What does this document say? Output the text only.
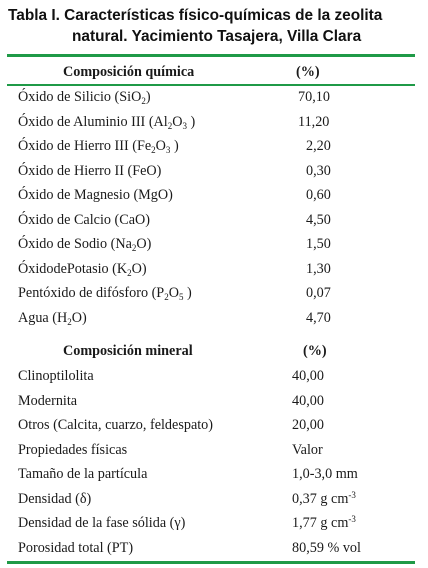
Tabla I. Características físico-químicas de la zeolita
natural. Yacimiento Tasajera, Villa Clara
Composición química	(%)
Óxido de Silicio (SiO$_2$)	70,10
Óxido de Aluminio III ($Al_2O_3$ )	11,20
Óxido de Hierro III ($Fe_2O_3$ )	2,20
Óxido de Hierro II (FeO)	0,30
Óxido de Magnesio (MgO)	0,60
Óxido de Calcio (CaO)	4,50
Óxido de Sodio $(Na_2O)$	1,50
ÓxidodePotasio $(K_2O)$	1,30
Pentóxido de difósforo ($P_2O_5$ )	0,07
Agua $(H_2O)$	4,70
Composición mineral	(%)
Clinoptilolita	40,00
Modernita	40,00
Otros (Calcita, cuarzo, feldespato)	20,00
Propiedades físicas	Valor
Tamaño de la partícula	1,0-3,0 mm
Densidad (δ)	0,37 g $cm^{-3}$
Densidad de la fase sólida (γ)	1,77 g $cm^{-3}$
Porosidad total (PT)	80,59 % vol
